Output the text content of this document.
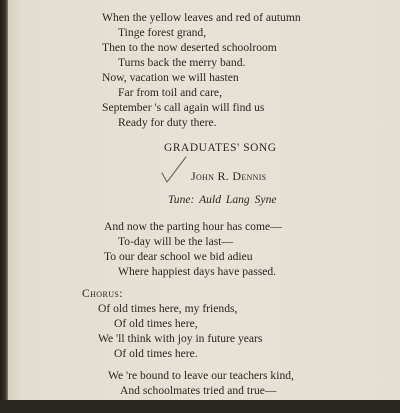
When the yellow leaves and red of autumn
Tinge forest grand,
Then to the now deserted schoolroom
Turns back the merry band.
Now, vacation we will hasten
Far from toil and care,
September 's call again will find us
Ready for duty there.
GRADUATES' SONG
John R. Dennis
Tune: Auld Lang Syne
And now the parting hour has come—
To-day will be the last—
To our dear school we bid adieu
Where happiest days have passed.
Chorus:
Of old times here, my friends,
Of old times here,
We 'll think with joy in future years
Of old times here.
We 're bound to leave our teachers kind,
And schoolmates tried and true—
We 'll keep in memory each and all,
